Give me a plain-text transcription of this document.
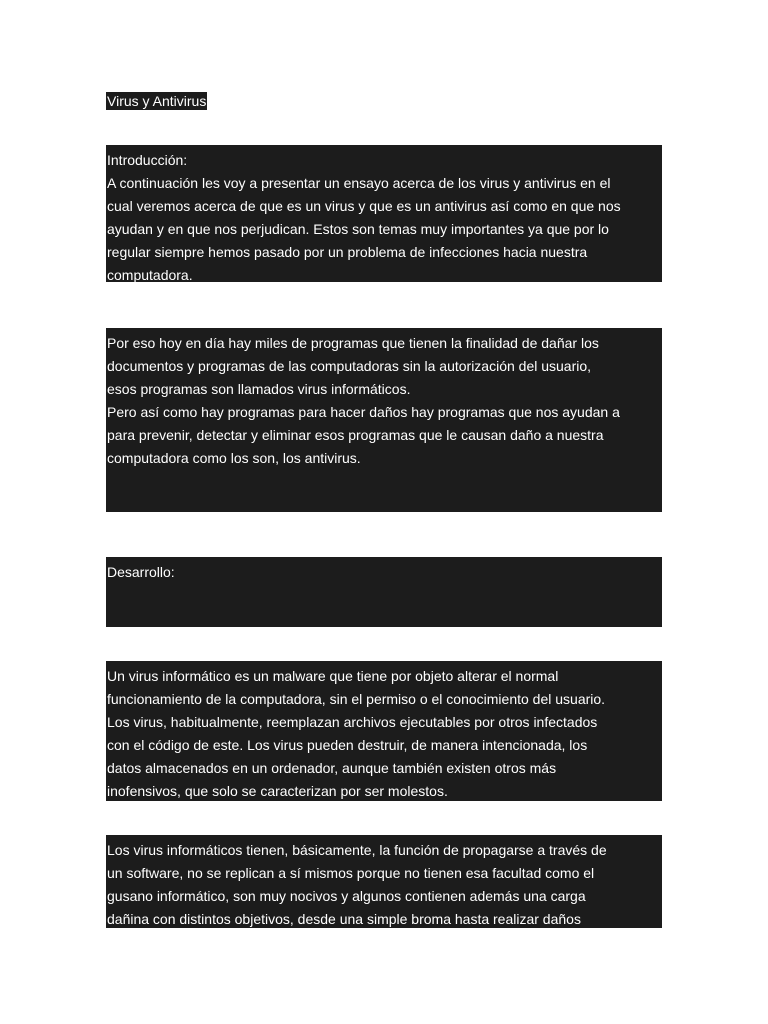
Virus y Antivirus
Introducción:
A continuación les voy a presentar un ensayo acerca de los virus y antivirus en el
cual veremos acerca de que es un virus y que es un antivirus así como en que nos
ayudan y en que nos perjudican. Estos son temas muy importantes ya que por lo
regular siempre hemos pasado por un problema de infecciones hacia nuestra
computadora.
Por eso hoy en día hay miles de programas que tienen la finalidad de dañar los
documentos y programas de las computadoras sin la autorización del usuario,
esos programas son llamados virus informáticos.
Pero así como hay programas para hacer daños hay programas que nos ayudan a
para prevenir, detectar y eliminar esos programas que le causan daño a nuestra
computadora como los son, los antivirus.
Desarrollo:
Un virus informático es un malware que tiene por objeto alterar el normal
funcionamiento de la computadora, sin el permiso o el conocimiento del usuario.
Los virus, habitualmente, reemplazan archivos ejecutables por otros infectados
con el código de este. Los virus pueden destruir, de manera intencionada, los
datos almacenados en un ordenador, aunque también existen otros más
inofensivos, que solo se caracterizan por ser molestos.
Los virus informáticos tienen, básicamente, la función de propagarse a través de
un software, no se replican a sí mismos porque no tienen esa facultad como el
gusano informático, son muy nocivos y algunos contienen además una carga
dañina con distintos objetivos, desde una simple broma hasta realizar daños
